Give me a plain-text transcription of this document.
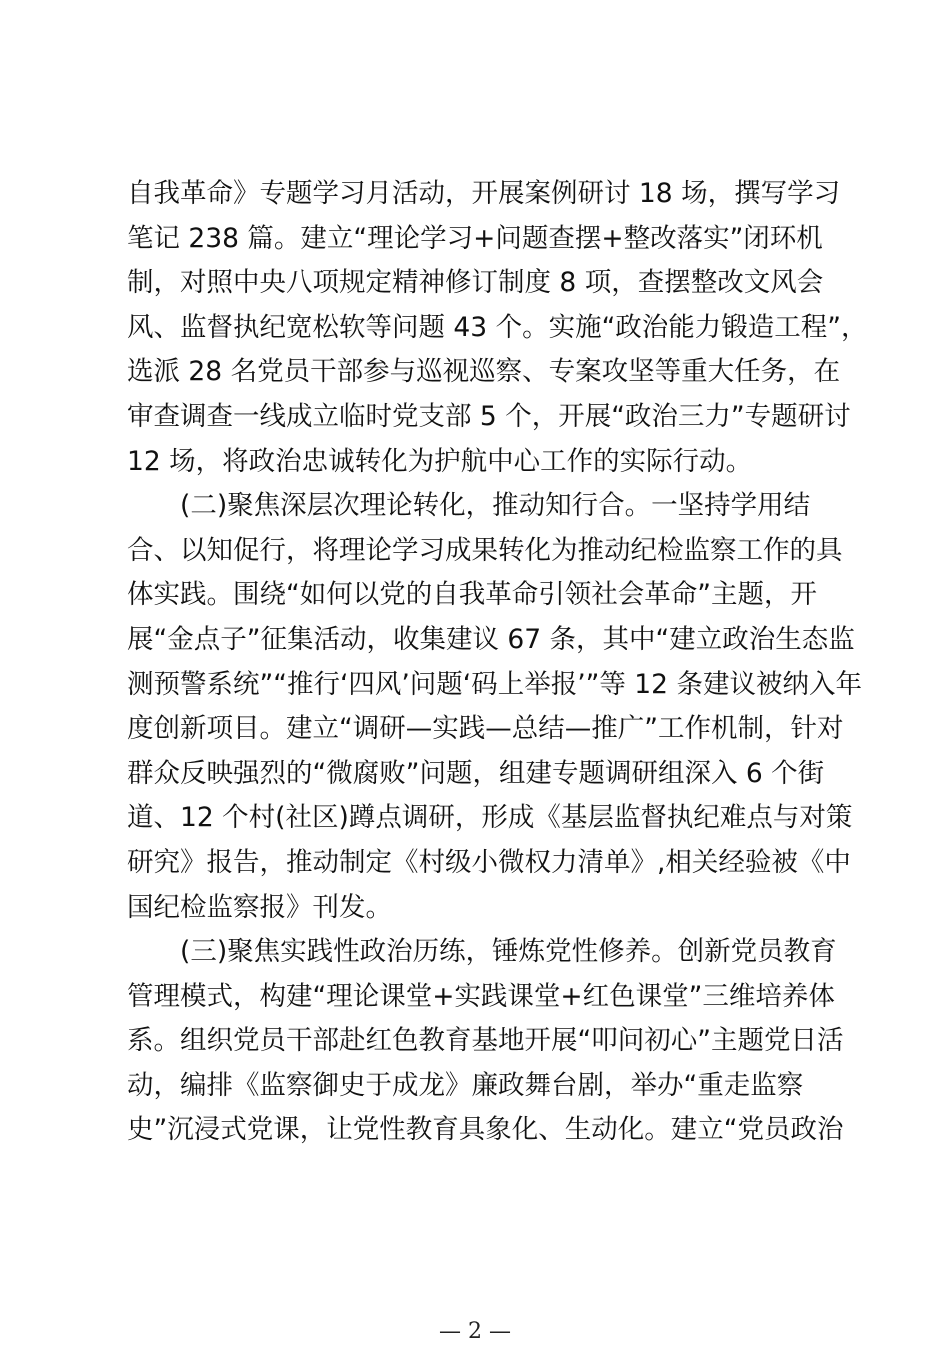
自我革命》专题学习月活动，开展案例研讨 18 场，撰写学习
笔记 238 篇。建立“理论学习+问题查摆+整改落实”闭环机
制，对照中央八项规定精神修订制度 8 项，查摆整改文风会
风、监督执纪宽松软等问题 43 个。实施“政治能力锻造工程”，
选派 28 名党员干部参与巡视巡察、专案攻坚等重大任务，在
审查调查一线成立临时党支部 5 个，开展“政治三力”专题研讨
12 场，将政治忠诚转化为护航中心工作的实际行动。
(二)聚焦深层次理论转化，推动知行合。一坚持学用结
合、以知促行，将理论学习成果转化为推动纪检监察工作的具
体实践。围绕“如何以党的自我革命引领社会革命”主题，开
展“金点子”征集活动，收集建议 67 条，其中“建立政治生态监
测预警系统”“推行‘四风’问题‘码上举报’”等 12 条建议被纳入年
度创新项目。建立“调研—实践—总结—推广”工作机制，针对
群众反映强烈的“微腐败”问题，组建专题调研组深入 6 个街
道、12 个村(社区)蹲点调研，形成《基层监督执纪难点与对策
研究》报告，推动制定《村级小微权力清单》,相关经验被《中
国纪检监察报》刊发。
(三)聚焦实践性政治历练，锤炼党性修养。创新党员教育
管理模式，构建“理论课堂+实践课堂+红色课堂”三维培养体
系。组织党员干部赴红色教育基地开展“叩问初心”主题党日活
动，编排《监察御史于成龙》廉政舞台剧，举办“重走监察
史”沉浸式党课，让党性教育具象化、生动化。建立“党员政治
— 2 —
